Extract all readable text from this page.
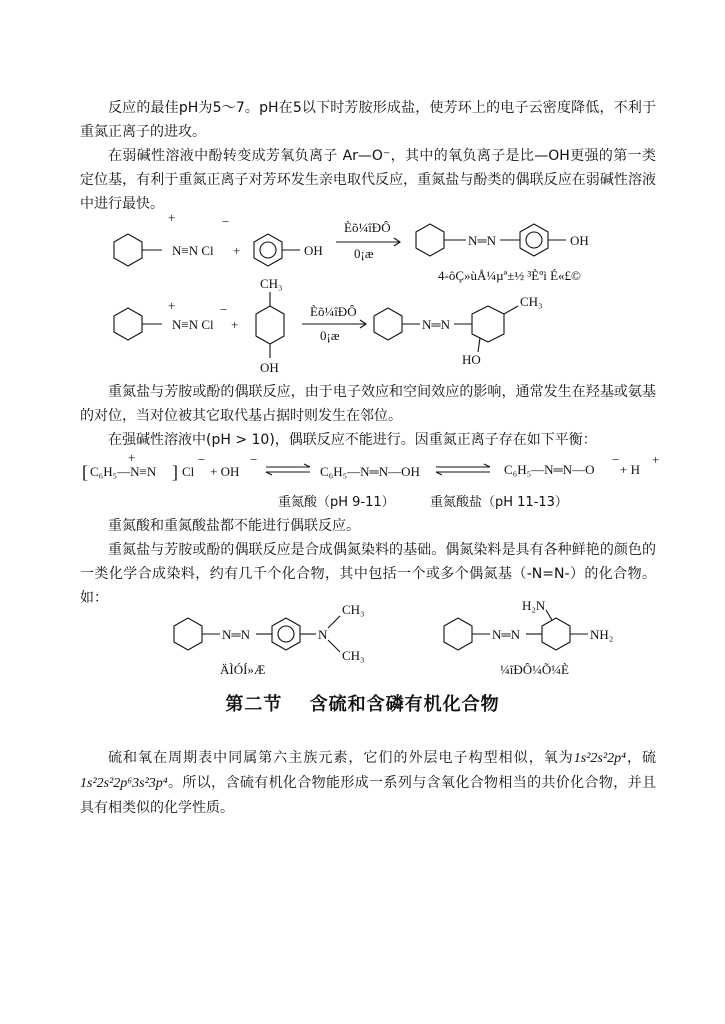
反应的最佳pH为5～7。pH在5以下时芳胺形成盐，使芳环上的电子云密度降低，不利于重氮正离子的进攻。

在弱碱性溶液中酚转变成芳氧负离子 Ar—O⁻，其中的氧负离子是比—OH更强的第一类定位基，有利于重氮正离子对芳环发生亲电取代反应，重氮盐与酚类的偶联反应在弱碱性溶液中进行最快。

+
N≡N Cl
−
+	OH
Èõ¼îÐÔ
0¡æ
N═N	OH
4-ôÇ»ùÅ¼µª±½ ³Èºì É«£©
+
N≡N Cl
−
+
CH₃
OH
Èõ¼îÐÔ
0¡æ
N═N
CH₃
HO

重氮盐与芳胺或酚的偶联反应，由于电子效应和空间效应的影响，通常发生在羟基或氨基的对位，当对位被其它取代基占据时则发生在邻位。

在强碱性溶液中(pH > 10)，偶联反应不能进行。因重氮正离子存在如下平衡：

[
+
C₆H₅—N≡N ] Cl
−
+ OH
−
C₆H₅—N═N—OH	C₆H₅—N═N—O
−
+ H
+
重氮酸（pH 9-11）	重氮酸盐（pH 11-13）

重氮酸和重氮酸盐都不能进行偶联反应。

重氮盐与芳胺或酚的偶联反应是合成偶氮染料的基础。偶氮染料是具有各种鲜艳的颜色的一类化学合成染料，约有几千个化合物，其中包括一个或多个偶氮基（-N=N-）的化合物。如：

N═N	N
CH₃
CH₃
ÄÌÓÍ»Æ
N═N
H₂N
NH₂
¼îÐÔ¼Õ¼È
第二节 含硫和含磷有机化合物

硫和氧在周期表中同属第六主族元素，它们的外层电子构型相似，氧为1s²2s²2p⁴，硫1s²2s²2p⁶3s²3p⁴。所以，含硫有机化合物能形成一系列与含氧化合物相当的共价化合物，并且具有相类似的化学性质。
